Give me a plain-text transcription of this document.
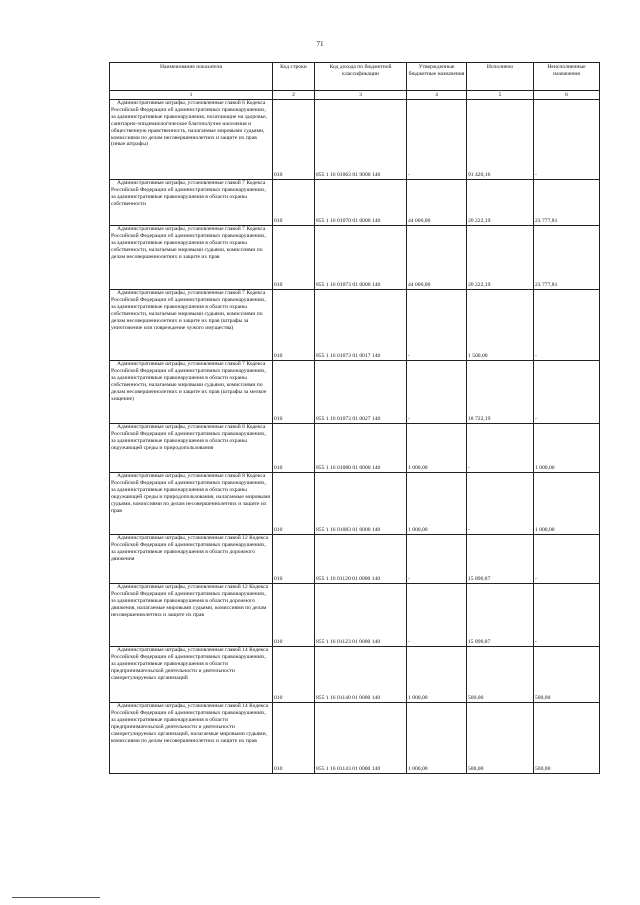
71
Наименование показателя	Код строки	Код дохода по бюджетной классификации	Утвержденные бюджетные назначения	Исполнено	Неисполненные назначения
1	2	3	4	5	6

Административные штрафы, установленные главой 6 Кодекса Российской Федерации об административных правонарушениях, за административные правонарушения, посягающие на здоровье, санитарно-эпидемиологическое благополучие населения и общественную нравственность, налагаемые мировыми судьями, комиссиями по делам несовершеннолетних и защите их прав (иные штрафы)	010	855 1 16 01063 01 9000 140	-	91 420,16	-

Административные штрафы, установленные главой 7 Кодекса Российской Федерации об административных правонарушениях, за административные правонарушения в области охраны собственности	010	855 1 16 01070 01 0000 140	44 000,00	20 222,19	23 777,81

Административные штрафы, установленные главой 7 Кодекса Российской Федерации об административных правонарушениях, за административные правонарушения в области охраны собственности, налагаемые мировыми судьями, комиссиями по делам несовершеннолетних и защите их прав	010	855 1 16 01073 01 0000 140	44 000,00	20 222,19	23 777,81

Административные штрафы, установленные главой 7 Кодекса Российской Федерации об административных правонарушениях, за административные правонарушения в области охраны собственности, налагаемые мировыми судьями, комиссиями по делам несовершеннолетних и защите их прав (штрафы за уничтожение или повреждение чужого имущества)	010	855 1 16 01073 01 0017 140	-	1 500,00	-

Административные штрафы, установленные главой 7 Кодекса Российской Федерации об административных правонарушениях, за административные правонарушения в области охраны собственности, налагаемые мировыми судьями, комиссиями по делам несовершеннолетних и защите их прав (штрафы за мелкое хищение)	010	855 1 16 01073 01 0027 140	-	18 722,19	-

Административные штрафы, установленные главой 8 Кодекса Российской Федерации об административных правонарушениях, за административные правонарушения в области охраны окружающей среды и природопользования	010	855 1 16 01080 01 0000 140	1 000,00	-	1 000,00

Административные штрафы, установленные главой 8 Кодекса Российской Федерации об административных правонарушениях, за административные правонарушения в области охраны окружающей среды и природопользования, налагаемые мировыми судьями, комиссиями по делам несовершеннолетних и защите их прав	010	855 1 16 01083 01 0000 140	1 000,00	-	1 000,00

Административные штрафы, установленные главой 12 Кодекса Российской Федерации об административных правонарушениях, за административные правонарушения в области дорожного движения	010	855 1 16 01120 01 0000 140	-	15 890,87	-

Административные штрафы, установленные главой 12 Кодекса Российской Федерации об административных правонарушениях, за административные правонарушения в области дорожного движения, налагаемые мировыми судьями, комиссиями по делам несовершеннолетних и защите их прав	010	855 1 16 01123 01 0000 140	-	15 890,87	-

Административные штрафы, установленные главой 14 Кодекса Российской Федерации об административных правонарушениях, за административные правонарушения в области предпринимательской деятельности и деятельности саморегулируемых организаций	010	855 1 16 01140 01 0000 140	1 000,00	500,00	500,00

Административные штрафы, установленные главой 14 Кодекса Российской Федерации об административных правонарушениях, за административные правонарушения в области предпринимательской деятельности и деятельности саморегулируемых организаций, налагаемые мировыми судьями, комиссиями по делам несовершеннолетних и защите их прав	010	855 1 16 01143 01 0000 140	1 000,00	500,00	500,00
